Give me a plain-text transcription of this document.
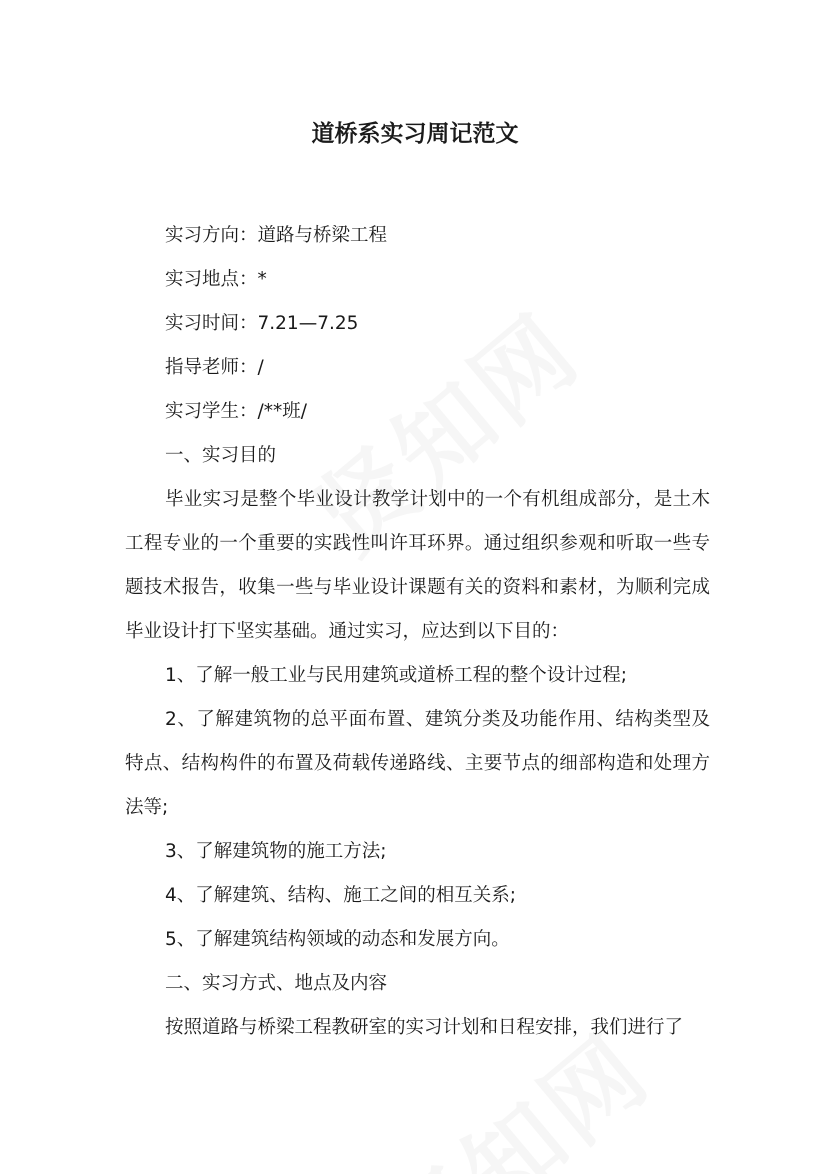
道桥系实习周记范文

实习方向：道路与桥梁工程

实习地点：*

实习时间：7.21—7.25

指导老师：/

实习学生：/**班/

一、实习目的

毕业实习是整个毕业设计教学计划中的一个有机组成部分，是土木工程专业的一个重要的实践性叫许耳环界。通过组织参观和听取一些专题技术报告，收集一些与毕业设计课题有关的资料和素材，为顺利完成毕业设计打下坚实基础。通过实习，应达到以下目的：

1、了解一般工业与民用建筑或道桥工程的整个设计过程;

2、了解建筑物的总平面布置、建筑分类及功能作用、结构类型及特点、结构构件的布置及荷载传递路线、主要节点的细部构造和处理方法等;

3、了解建筑物的施工方法;

4、了解建筑、结构、施工之间的相互关系;

5、了解建筑结构领域的动态和发展方向。

二、实习方式、地点及内容

按照道路与桥梁工程教研室的实习计划和日程安排，我们进行了
